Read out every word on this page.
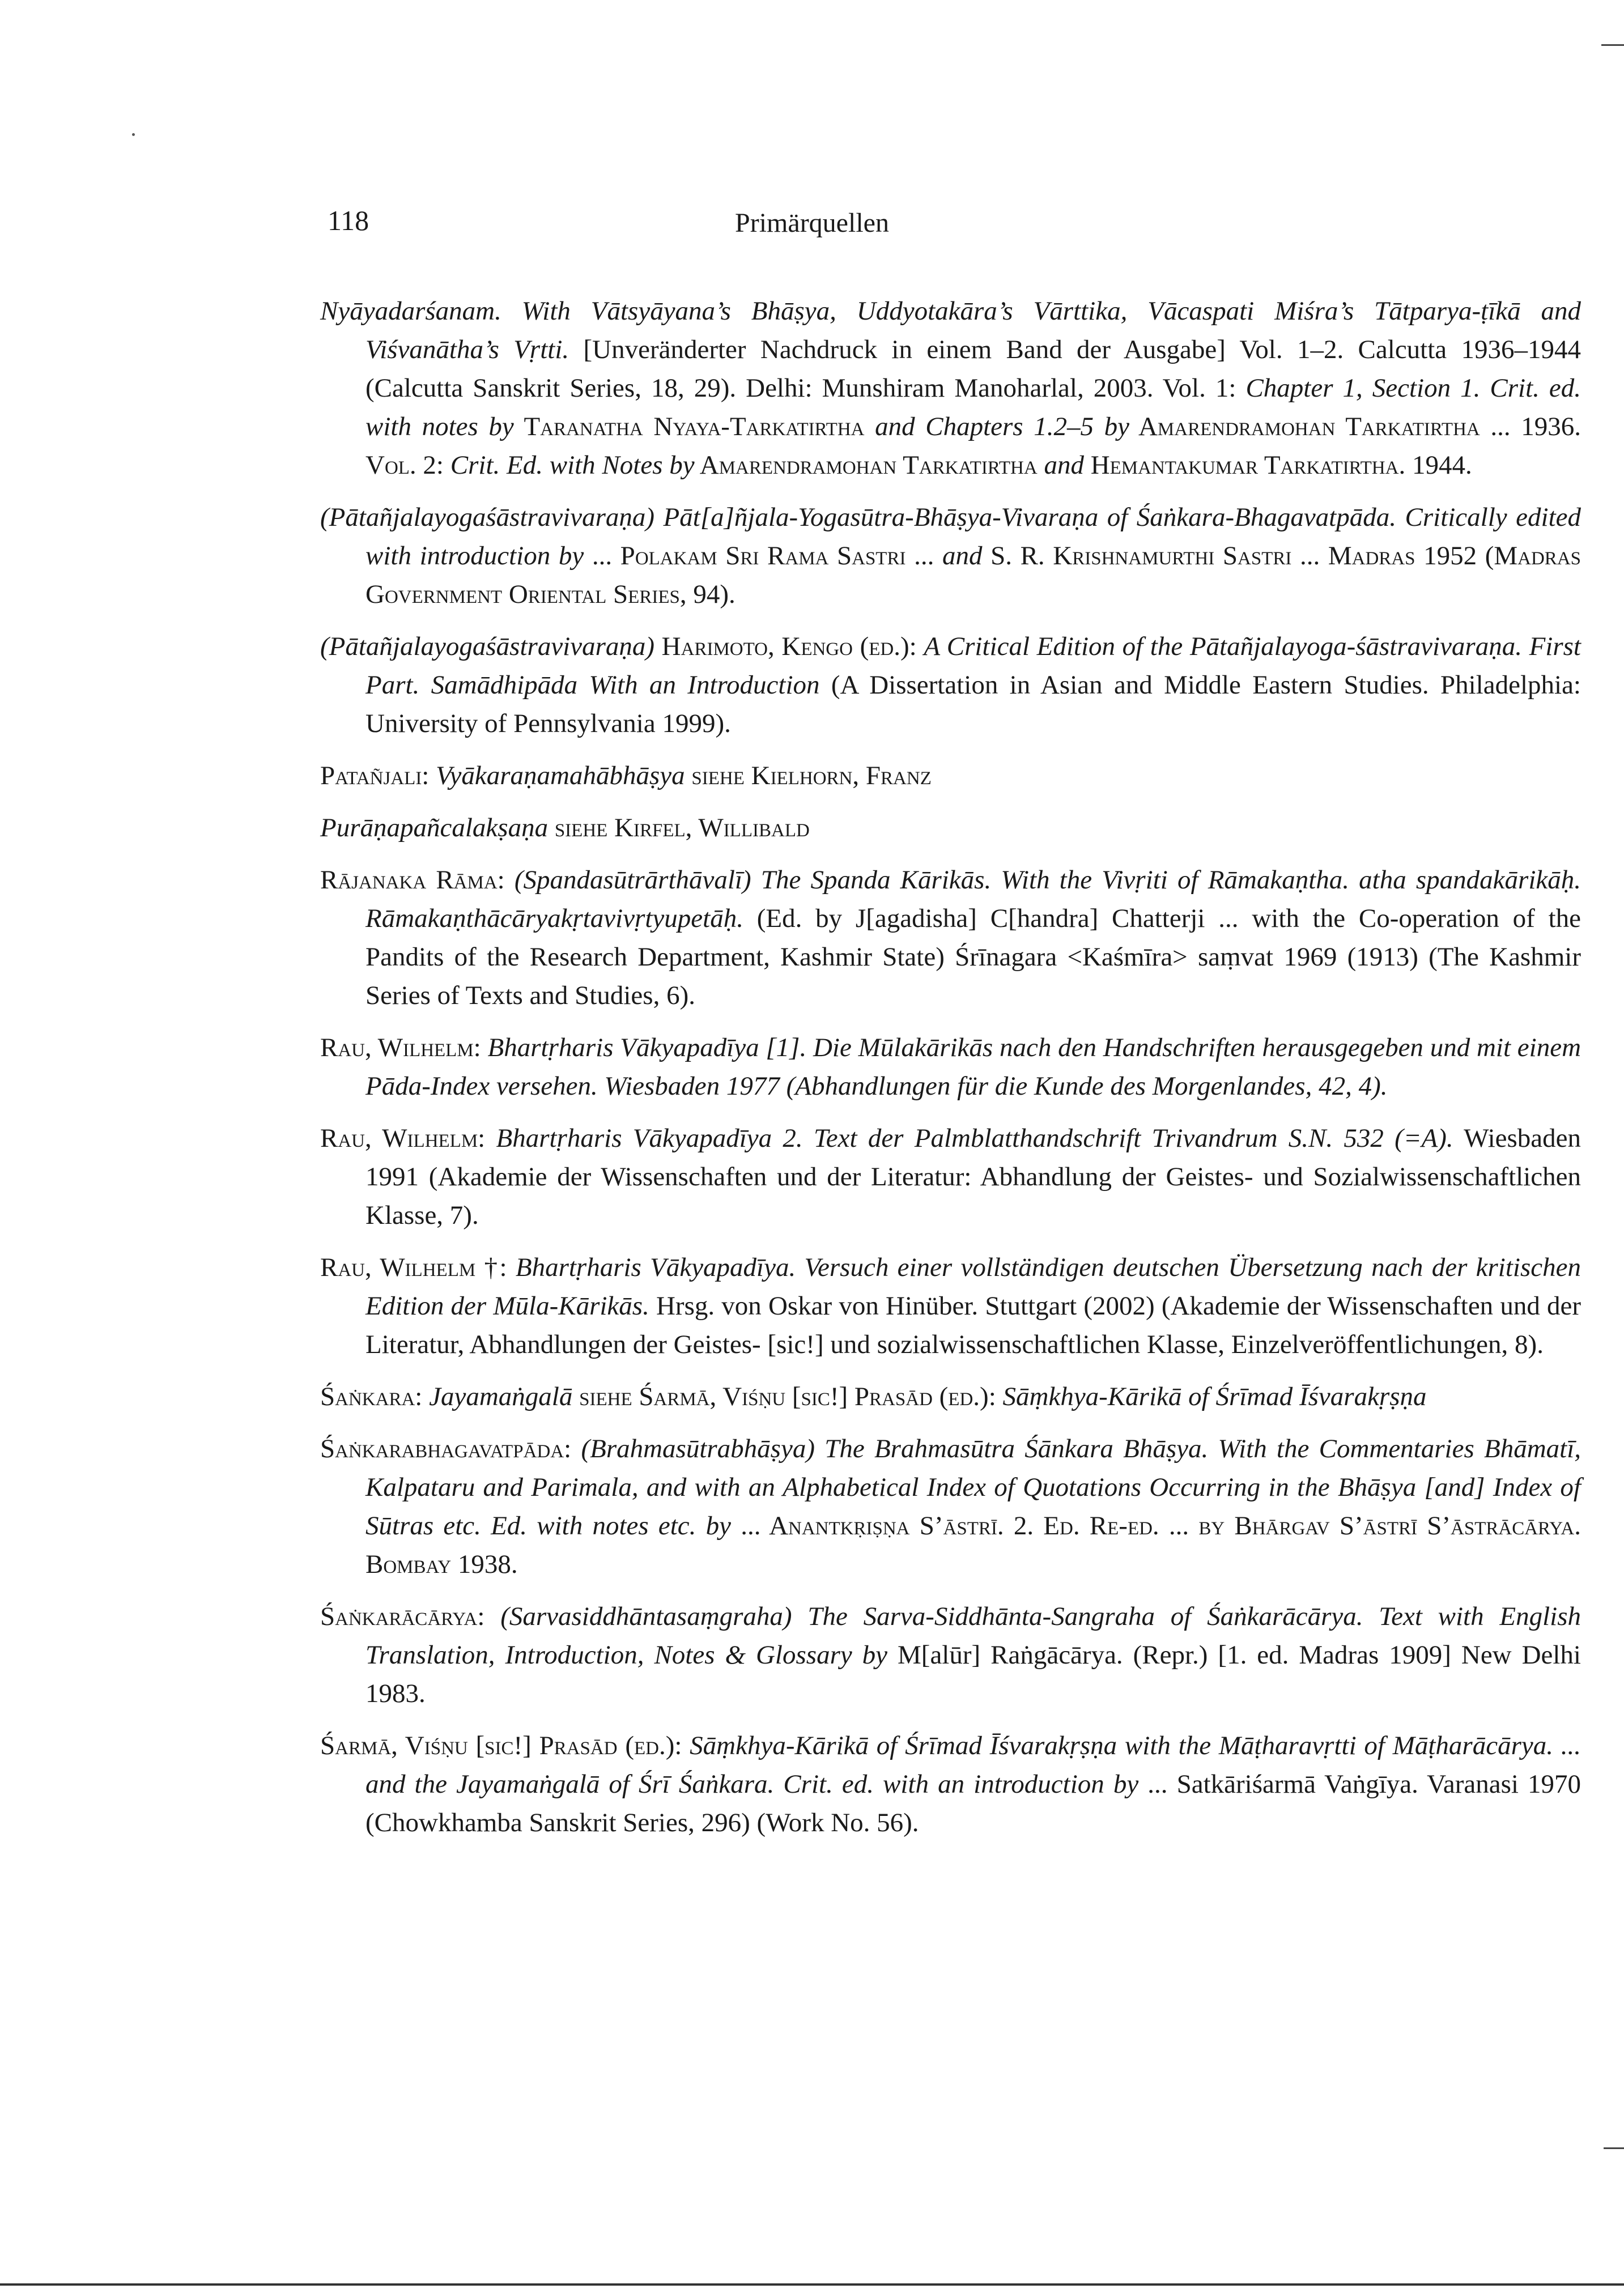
118	Primärquellen

Nyāyadarśanam. With Vātsyāyana’s Bhāṣya, Uddyotakāra’s Vārttika, Vācaspati Miśra’s Tātparya-ṭīkā and Viśvanātha’s Vṛtti. [Unveränderter Nachdruck in einem Band der Ausgabe] Vol. 1–2. Calcutta 1936–1944 (Calcutta Sanskrit Series, 18, 29). Delhi: Munshiram Manoharlal, 2003. Vol. 1: Chapter 1, Section 1. Crit. ed. with notes by Taranatha Nyaya-Tarkatirtha and Chapters 1.2–5 by Amarendramohan Tarkatirtha ... 1936. Vol. 2: Crit. Ed. with Notes by Amarendramohan Tarkatirtha and Hemantakumar Tarkatirtha. 1944.

(Pātañjalayogaśāstravivaraṇa) Pāt[a]ñjala-Yogasūtra-Bhāṣya-Vivaraṇa of Śaṅkara-Bhagavatpāda. Critically edited with introduction by ... Polakam Sri Rama Sastri ... and S. R. Krishnamurthi Sastri ... Madras 1952 (Madras Government Oriental Series, 94).

(Pātañjalayogaśāstravivaraṇa) Harimoto, Kengo (ed.): A Critical Edition of the Pātañjalayoga-śāstravivaraṇa. First Part. Samādhipāda With an Introduction (A Dissertation in Asian and Middle Eastern Studies. Philadelphia: University of Pennsylvania 1999).

Patañjali: Vyākaraṇamahābhāṣya siehe Kielhorn, Franz

Purāṇapañcalakṣaṇa siehe Kirfel, Willibald

Rājanaka Rāma: (Spandasūtrārthāvalī) The Spanda Kārikās. With the Vivṛiti of Rāmakaṇtha. atha spandakārikāḥ. Rāmakaṇthācāryakṛtavivṛtyupetāḥ. (Ed. by J[agadisha] C[handra] Chatterji ... with the Co-operation of the Pandits of the Research Department, Kashmir State) Śrīnagara <Kaśmīra> saṃvat 1969 (1913) (The Kashmir Series of Texts and Studies, 6).

Rau, Wilhelm: Bhartṛharis Vākyapadīya [1]. Die Mūlakārikās nach den Handschriften herausgegeben und mit einem Pāda-Index versehen. Wiesbaden 1977 (Abhandlungen für die Kunde des Morgenlandes, 42, 4).

Rau, Wilhelm: Bhartṛharis Vākyapadīya 2. Text der Palmblatthandschrift Trivandrum S.N. 532 (=A). Wiesbaden 1991 (Akademie der Wissenschaften und der Literatur: Abhandlung der Geistes- und Sozialwissenschaftlichen Klasse, 7).

Rau, Wilhelm †: Bhartṛharis Vākyapadīya. Versuch einer vollständigen deutschen Übersetzung nach der kritischen Edition der Mūla-Kārikās. Hrsg. von Oskar von Hinüber. Stuttgart (2002) (Akademie der Wissenschaften und der Literatur, Abhandlungen der Geistes- [sic!] und sozialwissenschaftlichen Klasse, Einzelveröffentlichungen, 8).

Śaṅkara: Jayamaṅgalā siehe Śarmā, Viśṇu [sic!] Prasād (ed.): Sāṃkhya-Kārikā of Śrīmad Īśvarakṛṣṇa

Śaṅkarabhagavatpāda: (Brahmasūtrabhāṣya) The Brahmasūtra Śānkara Bhāṣya. With the Commentaries Bhāmatī, Kalpataru and Parimala, and with an Alphabetical Index of Quotations Occurring in the Bhāṣya [and] Index of Sūtras etc. Ed. with notes etc. by ... Anantkṛiṣṇa S’āstrī. 2. Ed. Re-ed. ... by Bhārgav S’āstrī S’āstrācārya. Bombay 1938.

Śaṅkarācārya: (Sarvasiddhāntasaṃgraha) The Sarva-Siddhānta-Sangraha of Śaṅkarācārya. Text with English Translation, Introduction, Notes & Glossary by M[alūr] Raṅgācārya. (Repr.) [1. ed. Madras 1909] New Delhi 1983.

Śarmā, Viśṇu [sic!] Prasād (ed.): Sāṃkhya-Kārikā of Śrīmad Īśvarakṛṣṇa with the Māṭharavṛtti of Māṭharācārya. ... and the Jayamaṅgalā of Śrī Śaṅkara. Crit. ed. with an introduction by ... Satkāriśarmā Vaṅgīya. Varanasi 1970 (Chowkhamba Sanskrit Series, 296) (Work No. 56).
